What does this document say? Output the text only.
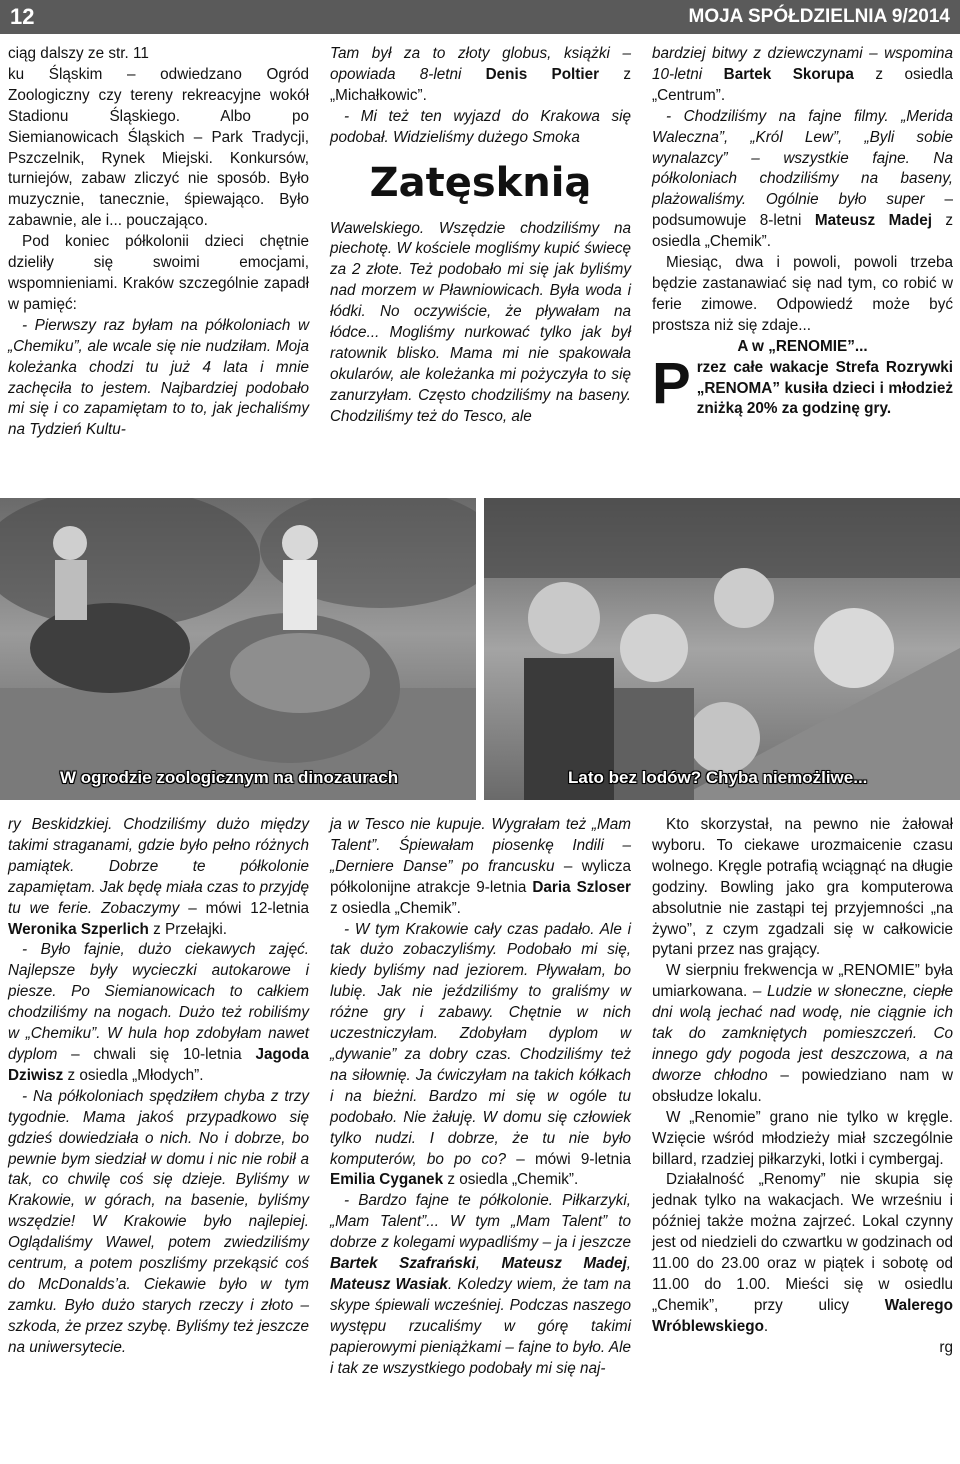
12	MOJA SPÓŁDZIELNIA 9/2014

ciąg dalszy ze str. 11

ku Śląskim – odwiedzano Ogród Zoologiczny czy tereny rekreacyjne wokół Stadionu Śląskiego. Albo po Siemianowicach Śląskich – Park Tradycji, Pszczelnik, Rynek Miejski. Konkursów, turniejów, zabaw zliczyć nie sposób. Było muzycznie, tanecznie, śpiewająco. Było zabawnie, ale i... pouczająco.

Pod koniec półkolonii dzieci chętnie dzieliły się swoimi emocjami, wspomnieniami. Kraków szczególnie zapadł w pamięć:

- Pierwszy raz byłam na półkoloniach w „Chemiku”, ale wcale się nie nudziłam. Moja koleżanka chodzi tu już 4 lata i mnie zachęciła to jestem. Najbardziej podobało mi się i co zapamiętam to to, jak jechaliśmy na Tydzień Kultu-

Tam był za to złoty globus, książki – opowiada 8-letni Denis Poltier z „Michałkowic”.

- Mi też ten wyjazd do Krakowa się podobał. Widzieliśmy dużego Smoka

Zatęsknią

Wawelskiego. Wszędzie chodziliśmy na piechotę. W kościele mogliśmy kupić świecę za 2 złote. Też podobało mi się jak byliśmy nad morzem w Pławniowicach. Była woda i łódki. No oczywiście, że pływałam na łódce... Mogliśmy nurkować tylko jak był ratownik blisko. Mama mi nie spakowała okularów, ale koleżanka mi pożyczyła to się zanurzyłam. Często chodziliśmy na baseny. Chodziliśmy też do Tesco, ale

bardziej bitwy z dziewczynami – wspomina 10-letni Bartek Skorupa z osiedla „Centrum”.

- Chodziliśmy na fajne filmy. „Merida Waleczna”, „Król Lew”, „Byli sobie wynalazcy” – wszystkie fajne. Na półkoloniach chodziliśmy na baseny, plażowaliśmy. Ogólnie było super – podsumowuje 8-letni Mateusz Madej z osiedla „Chemik”.

Miesiąc, dwa i powoli, powoli trzeba będzie zastanawiać się nad tym, co robić w ferie zimowe. Odpowiedź może być prostsza niż się zdaje...

A w „RENOMIE”...

Przez całe wakacje Strefa Rozrywki „RENOMA” kusiła dzieci i młodzież zniżką 20% za godzinę gry.

W ogrodzie zoologicznym na dinozaurach	Lato bez lodów? Chyba niemożliwe...

ry Beskidzkiej. Chodziliśmy dużo między takimi straganami, gdzie było pełno różnych pamiątek. Dobrze te półkolonie zapamiętam. Jak będę miała czas to przyjdę tu we ferie. Zobaczymy – mówi 12-letnia Weronika Szperlich z Przełajki.

- Było fajnie, dużo ciekawych zajęć. Najlepsze były wycieczki autokarowe i piesze. Po Siemianowicach to całkiem chodziliśmy na nogach. Dużo też robiliśmy w „Chemiku”. W hula hop zdobyłam nawet dyplom – chwali się 10-letnia Jagoda Dziwisz z osiedla „Młodych”.

- Na półkoloniach spędziłem chyba z trzy tygodnie. Mama jakoś przypadkowo się gdzieś dowiedziała o nich. No i dobrze, bo pewnie bym siedział w domu i nic nie robił a tak, co chwilę coś się dzieje. Byliśmy w Krakowie, w górach, na basenie, byliśmy wszędzie! W Krakowie było najlepiej. Oglądaliśmy Wawel, potem zwiedziliśmy centrum, a potem poszliśmy przekąsić coś do McDonalds’a. Ciekawie było w tym zamku. Było dużo starych rzeczy i złoto – szkoda, że przez szybę. Byliśmy też jeszcze na uniwersytecie.

ja w Tesco nie kupuje. Wygrałam też „Mam Talent”. Śpiewałam piosenkę Indili – „Derniere Danse” po francusku – wylicza półkolonijne atrakcje 9-letnia Daria Szloser z osiedla „Chemik”.

- W tym Krakowie cały czas padało. Ale i tak dużo zobaczyliśmy. Podobało mi się, kiedy byliśmy nad jeziorem. Pływałam, bo lubię. Jak nie jeździliśmy to graliśmy w różne gry i zabawy. Chętnie w nich uczestniczyłam. Zdobyłam dyplom w „dywanie” za dobry czas. Chodziliśmy też na siłownię. Ja ćwiczyłam na takich kółkach i na bieżni. Bardzo mi się w ogóle tu podobało. Nie żałuję. W domu się człowiek tylko nudzi. I dobrze, że tu nie było komputerów, bo po co? – mówi 9-letnia Emilia Cyganek z osiedla „Chemik”.

- Bardzo fajne te półkolonie. Piłkarzyki, „Mam Talent”... W tym „Mam Talent” to dobrze z kolegami wypadliśmy – ja i jeszcze Bartek Szafrański, Mateusz Madej, Mateusz Wasiak. Koledzy wiem, że tam na skype śpiewali wcześniej. Podczas naszego występu rzucaliśmy w górę takimi papierowymi pieniążkami – fajne to było. Ale i tak ze wszystkiego podobały mi się naj-

Kto skorzystał, na pewno nie żałował wyboru. To ciekawe urozmaicenie czasu wolnego. Kręgle potrafią wciągnąć na długie godziny. Bowling jako gra komputerowa absolutnie nie zastąpi tej przyjemności „na żywo”, z czym zgadzali się w całkowicie pytani przez nas grający.

W sierpniu frekwencja w „RENOMIE” była umiarkowana. – Ludzie w słoneczne, ciepłe dni wolą jechać nad wodę, nie ciągnie ich tak do zamkniętych pomieszczeń. Co innego gdy pogoda jest deszczowa, a na dworze chłodno – powiedziano nam w obsłudze lokalu.

W „Renomie” grano nie tylko w kręgle. Wzięcie wśród młodzieży miał szczególnie billard, rzadziej piłkarzyki, lotki i cymbergaj.

Działalność „Renomy” nie skupia się jednak tylko na wakacjach. We wrześniu i później także można zajrzeć. Lokal czynny jest od niedzieli do czwartku w godzinach od 11.00 do 23.00 oraz w piątek i sobotę od 11.00 do 1.00. Mieści się w osiedlu „Chemik”, przy ulicy Walerego Wróblewskiego.

rg
